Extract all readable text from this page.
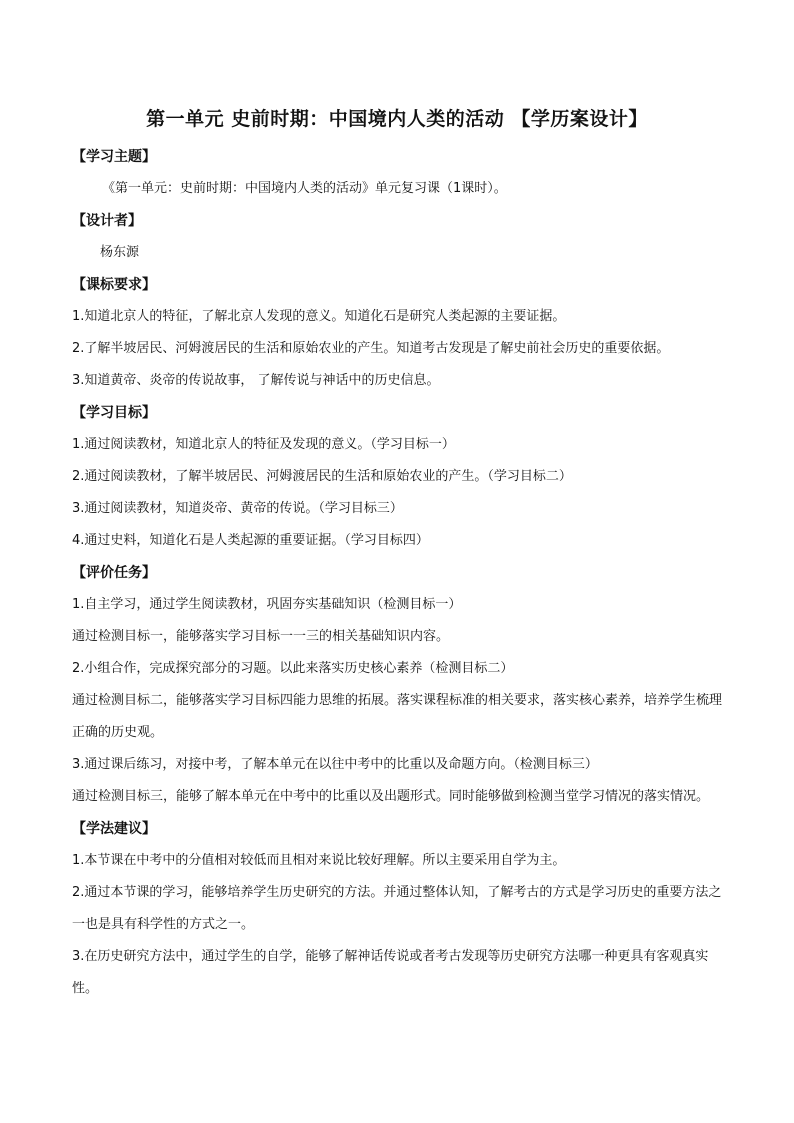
第一单元 史前时期：中国境内人类的活动 【学历案设计】
【学习主题】
《第一单元：史前时期：中国境内人类的活动》单元复习课（1课时）。
【设计者】
杨东源
【课标要求】
1.知道北京人的特征，了解北京人发现的意义。知道化石是研究人类起源的主要证据。
2.了解半坡居民、河姆渡居民的生活和原始农业的产生。知道考古发现是了解史前社会历史的重要依据。
3.知道黄帝、炎帝的传说故事， 了解传说与神话中的历史信息。
【学习目标】
1.通过阅读教材，知道北京人的特征及发现的意义。（学习目标一）
2.通过阅读教材，了解半坡居民、河姆渡居民的生活和原始农业的产生。（学习目标二）
3.通过阅读教材，知道炎帝、黄帝的传说。（学习目标三）
4.通过史料，知道化石是人类起源的重要证据。（学习目标四）
【评价任务】
1.自主学习，通过学生阅读教材，巩固夯实基础知识（检测目标一）
通过检测目标一，能够落实学习目标一一三的相关基础知识内容。
2.小组合作，完成探究部分的习题。以此来落实历史核心素养（检测目标二）
通过检测目标二，能够落实学习目标四能力思维的拓展。落实课程标准的相关要求，落实核心素养，培养学生梳理正确的历史观。
3.通过课后练习，对接中考，了解本单元在以往中考中的比重以及命题方向。（检测目标三）
通过检测目标三，能够了解本单元在中考中的比重以及出题形式。同时能够做到检测当堂学习情况的落实情况。
【学法建议】
1.本节课在中考中的分值相对较低而且相对来说比较好理解。所以主要采用自学为主。
2.通过本节课的学习，能够培养学生历史研究的方法。并通过整体认知，了解考古的方式是学习历史的重要方法之一也是具有科学性的方式之一。
3.在历史研究方法中，通过学生的自学，能够了解神话传说或者考古发现等历史研究方法哪一种更具有客观真实性。
